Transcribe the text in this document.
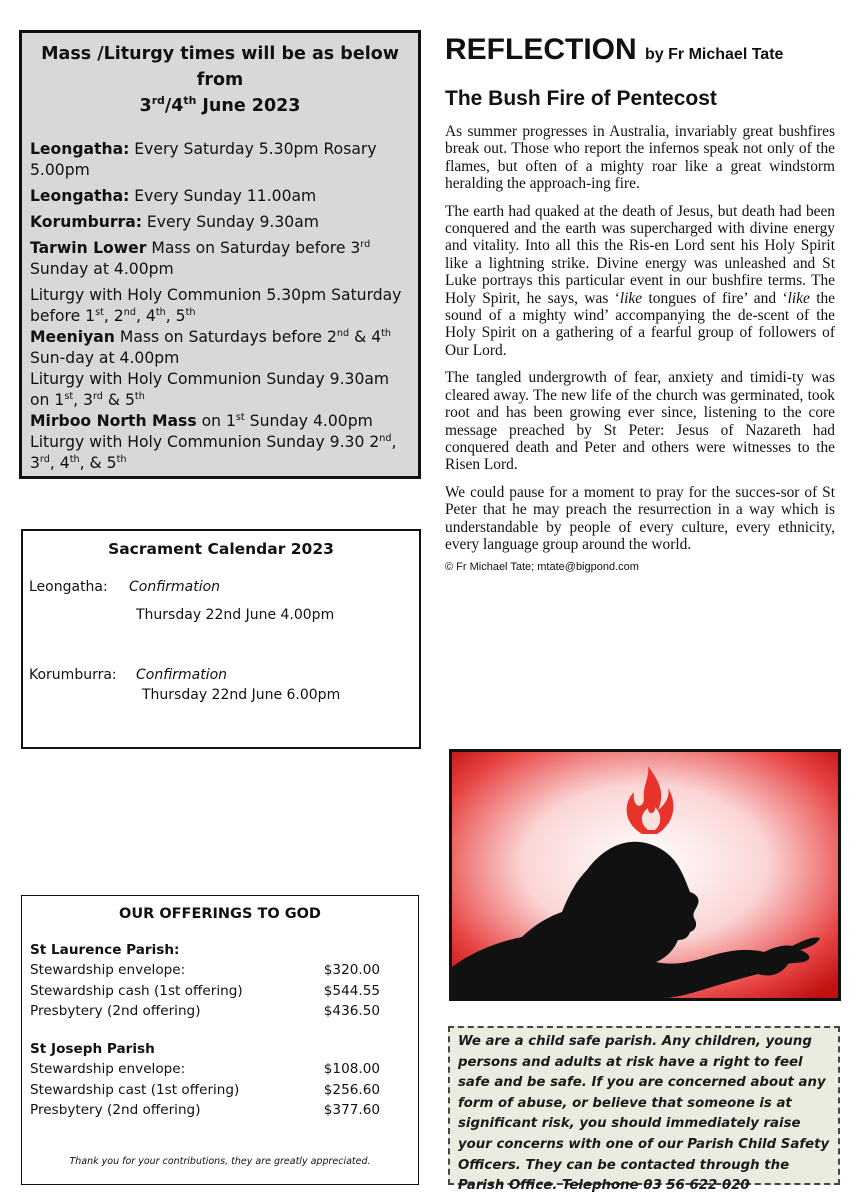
Mass /Liturgy times will be as below from
3rd/4th June 2023
Leongatha: Every Saturday 5.30pm Rosary 5.00pm
Leongatha: Every Sunday 11.00am
Korumburra: Every Sunday 9.30am
Tarwin Lower Mass on Saturday before 3rd Sunday at 4.00pm
Liturgy with Holy Communion 5.30pm Saturday before 1st, 2nd, 4th, 5th
Meeniyan Mass on Saturdays before 2nd & 4th Sun-day at 4.00pm
Liturgy with Holy Communion Sunday 9.30am on 1st, 3rd & 5th
Mirboo North Mass on 1st Sunday 4.00pm
Liturgy with Holy Communion Sunday 9.30 2nd, 3rd, 4th, & 5th
Sacrament Calendar 2023
Leongatha:	Confirmation
Thursday 22nd June 4.00pm
Korumburra:	Confirmation
Thursday 22nd June 6.00pm
OUR OFFERINGS TO GOD
St Laurence Parish:
Stewardship envelope:	$320.00
Stewardship cash (1st offering)	$544.55
Presbytery (2nd offering)	$436.50
St Joseph Parish
Stewardship envelope:	$108.00
Stewardship cast (1st offering)	$256.60
Presbytery (2nd offering)	$377.60
Thank you for your contributions, they are greatly appreciated.
REFLECTION by Fr Michael Tate
The Bush Fire of Pentecost

As summer progresses in Australia, invariably great bushfires break out. Those who report the infernos speak not only of the flames, but often of a mighty roar like a great windstorm heralding the approach-ing fire.

The earth had quaked at the death of Jesus, but death had been conquered and the earth was supercharged with divine energy and vitality. Into all this the Ris-en Lord sent his Holy Spirit like a lightning strike. Divine energy was unleashed and St Luke portrays this particular event in our bushfire terms. The Holy Spirit, he says, was ‘like tongues of fire’ and ‘like the sound of a mighty wind’ accompanying the de-scent of the Holy Spirit on a gathering of a fearful group of followers of Our Lord.

The tangled undergrowth of fear, anxiety and timidi-ty was cleared away. The new life of the church was germinated, took root and has been growing ever since, listening to the core message preached by St Peter: Jesus of Nazareth had conquered death and Peter and others were witnesses to the Risen Lord.

We could pause for a moment to pray for the succes-sor of St Peter that he may preach the resurrection in a way which is understandable by people of every culture, every ethnicity, every language group around the world.

© Fr Michael Tate; mtate@bigpond.com
We are a child safe parish. Any children, young persons and adults at risk have a right to feel safe and be safe. If you are concerned about any form of abuse, or believe that someone is at significant risk, you should immediately raise your concerns with one of our Parish Child Safety Officers. They can be contacted through the Parish Office. Telephone 03 56 622 020
